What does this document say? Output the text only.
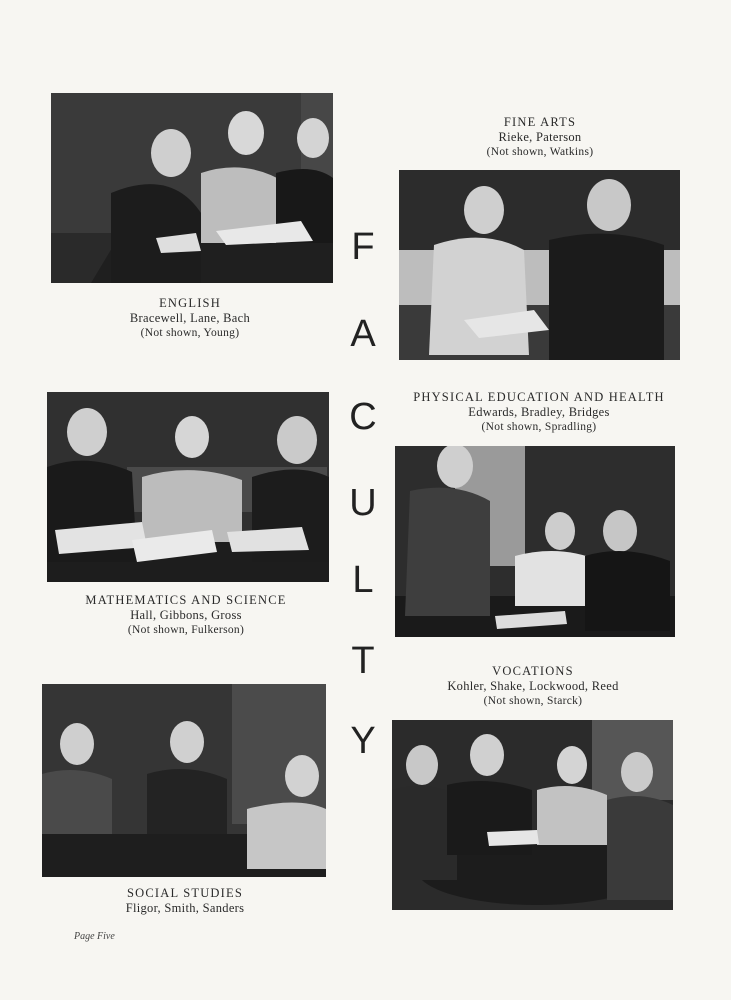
F
A
C
U
L
T
Y
ENGLISH
Bracewell, Lane, Bach
(Not shown, Young)
FINE ARTS
Rieke, Paterson
(Not shown, Watkins)
MATHEMATICS AND SCIENCE
Hall, Gibbons, Gross
(Not shown, Fulkerson)
PHYSICAL EDUCATION AND HEALTH
Edwards, Bradley, Bridges
(Not shown, Spradling)
VOCATIONS
Kohler, Shake, Lockwood, Reed
(Not shown, Starck)
SOCIAL STUDIES
Fligor, Smith, Sanders
Page Five
